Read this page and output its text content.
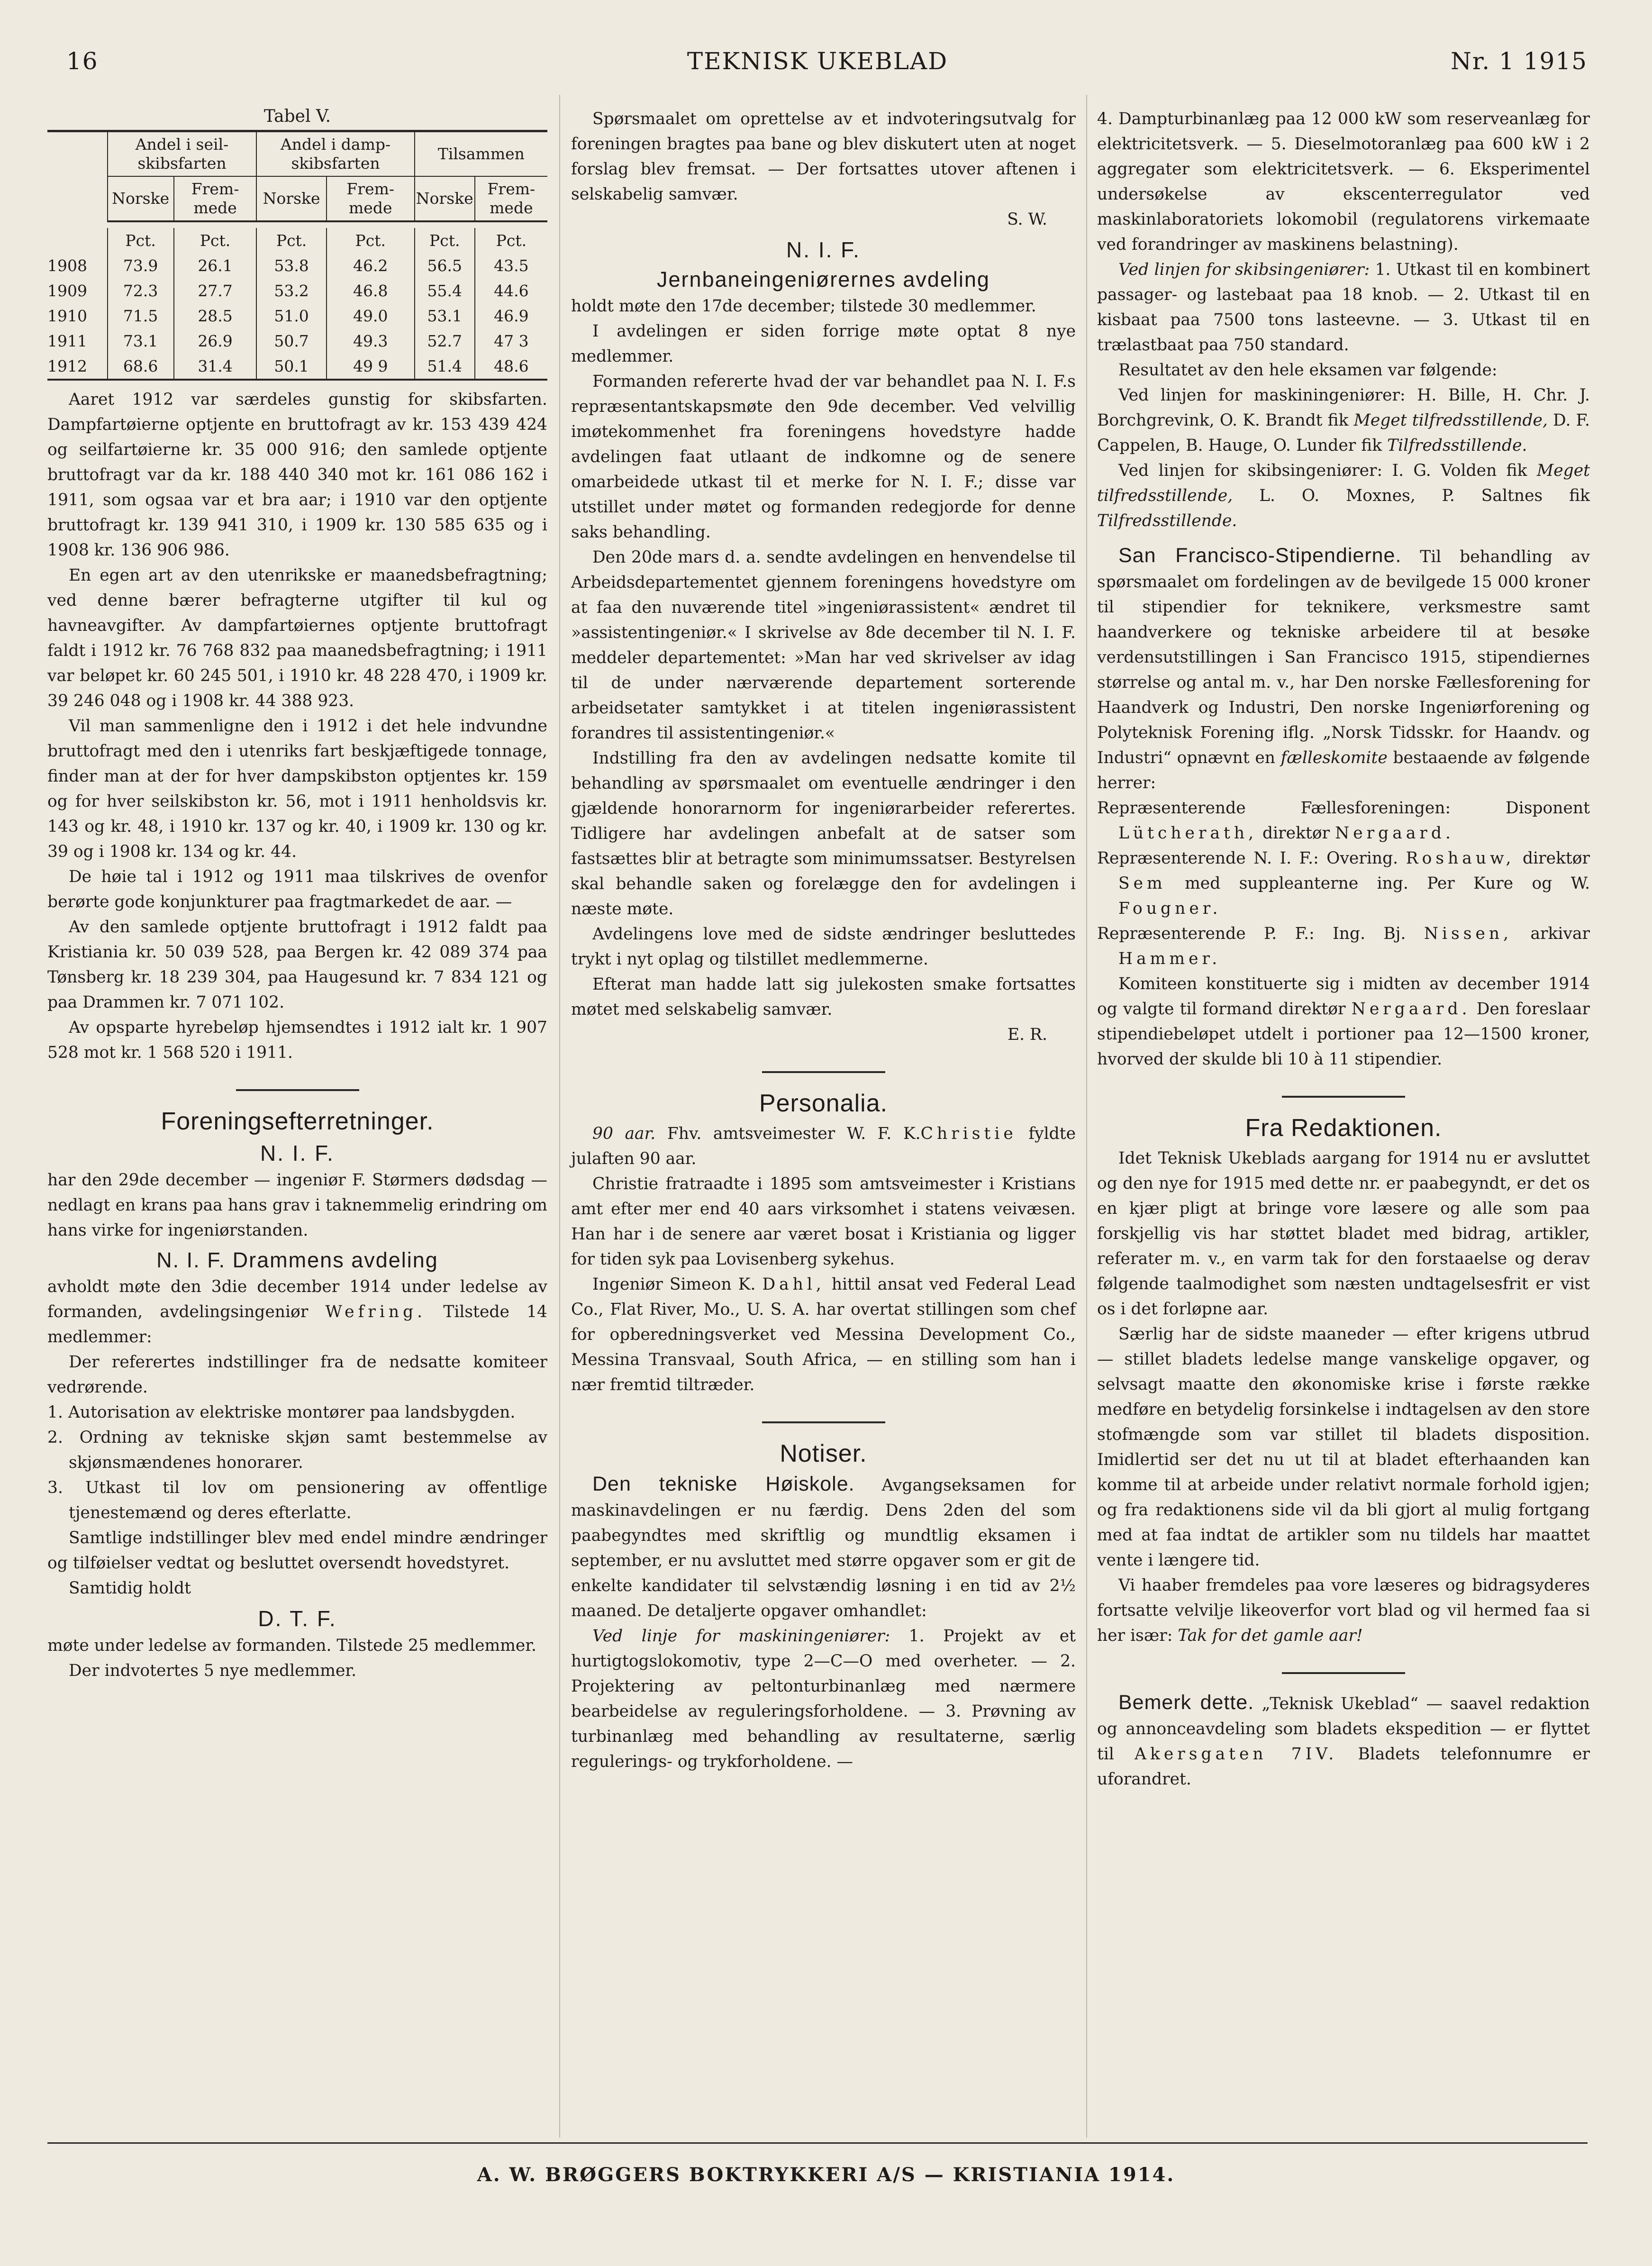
16	TEKNISK UKEBLAD	Nr. 1 1915
Tabel V.
	Andel i seil-skibsfarten		Andel i damp-skibsfarten		Tilsammen	
	Norske	Frem-mede	Norske	Frem-mede	Norske	Frem-mede

	Pct.	Pct.	Pct.	Pct.	Pct.	Pct.
1908	73.9	26.1	53.8	46.2	56.5	43.5
1909	72.3	27.7	53.2	46.8	55.4	44.6
1910	71.5	28.5	51.0	49.0	53.1	46.9
1911	73.1	26.9	50.7	49.3	52.7	47 3
1912	68.6	31.4	50.1	49 9	51.4	48.6

Aaret 1912 var særdeles gunstig for skibsfarten. Dampfartøierne optjente en bruttofragt av kr. 153 439 424 og seilfartøierne kr. 35 000 916; den samlede optjente bruttofragt var da kr. 188 440 340 mot kr. 161 086 162 i 1911, som ogsaa var et bra aar; i 1910 var den optjente bruttofragt kr. 139 941 310, i 1909 kr. 130 585 635 og i 1908 kr. 136 906 986.

En egen art av den utenrikske er maanedsbefragtning; ved denne bærer befragterne utgifter til kul og havneavgifter. Av dampfartøiernes optjente bruttofragt faldt i 1912 kr. 76 768 832 paa maanedsbefragtning; i 1911 var beløpet kr. 60 245 501, i 1910 kr. 48 228 470, i 1909 kr. 39 246 048 og i 1908 kr. 44 388 923.

Vil man sammenligne den i 1912 i det hele indvundne bruttofragt med den i utenriks fart beskjæftigede tonnage, finder man at der for hver dampskibston optjentes kr. 159 og for hver seilskibston kr. 56, mot i 1911 henholdsvis kr. 143 og kr. 48, i 1910 kr. 137 og kr. 40, i 1909 kr. 130 og kr. 39 og i 1908 kr. 134 og kr. 44.

De høie tal i 1912 og 1911 maa tilskrives de ovenfor berørte gode konjunkturer paa fragtmarkedet de aar. —

Av den samlede optjente bruttofragt i 1912 faldt paa Kristiania kr. 50 039 528, paa Bergen kr. 42 089 374 paa Tønsberg kr. 18 239 304, paa Haugesund kr. 7 834 121 og paa Drammen kr. 7 071 102.

Av opsparte hyrebeløp hjemsendtes i 1912 ialt kr. 1 907 528 mot kr. 1 568 520 i 1911.

Foreningsefterretninger.
N. I. F.

har den 29de december — ingeniør F. Størmers dødsdag — nedlagt en krans paa hans grav i taknemmelig erindring om hans virke for ingeniørstanden.

N. I. F. Drammens avdeling

avholdt møte den 3die december 1914 under ledelse av formanden, avdelingsingeniør Wefring. Tilstede 14 medlemmer:

Der referertes indstillinger fra de nedsatte komiteer vedrørende.

1. Autorisation av elektriske montører paa landsbygden.

2. Ordning av tekniske skjøn samt bestemmelse av skjønsmændenes honorarer.

3. Utkast til lov om pensionering av offentlige tjenestemænd og deres efterlatte.

Samtlige indstillinger blev med endel mindre ændringer og tilføielser vedtat og besluttet oversendt hovedstyret.

Samtidig holdt

D. T. F.

møte under ledelse av formanden. Tilstede 25 medlemmer.

Der indvotertes 5 nye medlemmer.

Spørsmaalet om oprettelse av et indvoteringsutvalg for foreningen bragtes paa bane og blev diskutert uten at noget forslag blev fremsat. — Der fortsattes utover aftenen i selskabelig samvær.

S. W.

N. I. F.
Jernbaneingeniørernes avdeling

holdt møte den 17de december; tilstede 30 medlemmer.

I avdelingen er siden forrige møte optat 8 nye medlemmer.

Formanden refererte hvad der var behandlet paa N. I. F.s repræsentantskapsmøte den 9de december. Ved velvillig imøtekommenhet fra foreningens hovedstyre hadde avdelingen faat utlaant de indkomne og de senere omarbeidede utkast til et merke for N. I. F.; disse var utstillet under møtet og formanden redegjorde for denne saks behandling.

Den 20de mars d. a. sendte avdelingen en henvendelse til Arbeidsdepartementet gjennem foreningens hovedstyre om at faa den nuværende titel »ingeniørassistent« ændret til »assistentingeniør.« I skrivelse av 8de december til N. I. F. meddeler departementet: »Man har ved skrivelser av idag til de under nærværende departement sorterende arbeidsetater samtykket i at titelen ingeniørassistent forandres til assistentingeniør.«

Indstilling fra den av avdelingen nedsatte komite til behandling av spørsmaalet om eventuelle ændringer i den gjældende honorarnorm for ingeniørarbeider referertes. Tidligere har avdelingen anbefalt at de satser som fastsættes blir at betragte som minimumssatser. Bestyrelsen skal behandle saken og forelægge den for avdelingen i næste møte.

Avdelingens love med de sidste ændringer besluttedes trykt i nyt oplag og tilstillet medlemmerne.

Efterat man hadde latt sig julekosten smake fortsattes møtet med selskabelig samvær.

E. R.

Personalia.

90 aar. Fhv. amtsveimester W. F. K.Christie fyldte julaften 90 aar.

Christie fratraadte i 1895 som amtsveimester i Kristians amt efter mer end 40 aars virksomhet i statens veivæsen. Han har i de senere aar været bosat i Kristiania og ligger for tiden syk paa Lovisenberg sykehus.

Ingeniør Simeon K. Dahl, hittil ansat ved Federal Lead Co., Flat River, Mo., U. S. A. har overtat stillingen som chef for opberedningsverket ved Messina Development Co., Messina Transvaal, South Africa, — en stilling som han i nær fremtid tiltræder.

Notiser.

Den tekniske Høiskole. Avgangseksamen for maskinavdelingen er nu færdig. Dens 2den del som paabegyndtes med skriftlig og mundtlig eksamen i september, er nu avsluttet med større opgaver som er git de enkelte kandidater til selvstændig løsning i en tid av 2½ maaned. De detaljerte opgaver omhandlet:

Ved linje for maskiningeniører: 1. Projekt av et hurtigtogslokomotiv, type 2—C—O med overheter. — 2. Projektering av peltonturbinanlæg med nærmere bearbeidelse av reguleringsforholdene. — 3. Prøvning av turbinanlæg med behandling av resultaterne, særlig regulerings- og trykforholdene. —

4. Dampturbinanlæg paa 12 000 kW som reserveanlæg for elektricitetsverk. — 5. Dieselmotoranlæg paa 600 kW i 2 aggregater som elektricitetsverk. — 6. Eksperimentel undersøkelse av ekscenterregulator ved maskinlaboratoriets lokomobil (regulatorens virkemaate ved forandringer av maskinens belastning).

Ved linjen for skibsingeniører: 1. Utkast til en kombinert passager- og lastebaat paa 18 knob. — 2. Utkast til en kisbaat paa 7500 tons lasteevne. — 3. Utkast til en trælastbaat paa 750 standard.

Resultatet av den hele eksamen var følgende:

Ved linjen for maskiningeniører: H. Bille, H. Chr. J. Borchgrevink, O. K. Brandt fik Meget tilfredsstillende, D. F. Cappelen, B. Hauge, O. Lunder fik Tilfredsstillende.

Ved linjen for skibsingeniører: I. G. Volden fik Meget tilfredsstillende, L. O. Moxnes, P. Saltnes fik Tilfredsstillende.

San Francisco-Stipendierne. Til behandling av spørsmaalet om fordelingen av de bevilgede 15 000 kroner til stipendier for teknikere, verksmestre samt haandverkere og tekniske arbeidere til at besøke verdensutstillingen i San Francisco 1915, stipendiernes størrelse og antal m. v., har Den norske Fællesforening for Haandverk og Industri, Den norske Ingeniørforening og Polyteknisk Forening iflg. „Norsk Tidsskr. for Haandv. og Industri“ opnævnt en fælleskomite bestaaende av følgende herrer:

Repræsenterende Fællesforeningen: Disponent Lütcherath, direktør Nergaard.

Repræsenterende N. I. F.: Overing. Roshauw, direktør Sem med suppleanterne ing. Per Kure og W. Fougner.

Repræsenterende P. F.: Ing. Bj. Nissen, arkivar Hammer.

Komiteen konstituerte sig i midten av december 1914 og valgte til formand direktør Nergaard. Den foreslaar stipendiebeløpet utdelt i portioner paa 12—1500 kroner, hvorved der skulde bli 10 à 11 stipendier.

Fra Redaktionen.

Idet Teknisk Ukeblads aargang for 1914 nu er avsluttet og den nye for 1915 med dette nr. er paabegyndt, er det os en kjær pligt at bringe vore læsere og alle som paa forskjellig vis har støttet bladet med bidrag, artikler, referater m. v., en varm tak for den forstaaelse og derav følgende taalmodighet som næsten undtagelsesfrit er vist os i det forløpne aar.

Særlig har de sidste maaneder — efter krigens utbrud — stillet bladets ledelse mange vanskelige opgaver, og selvsagt maatte den økonomiske krise i første række medføre en betydelig forsinkelse i indtagelsen av den store stofmængde som var stillet til bladets disposition. Imidlertid ser det nu ut til at bladet efterhaanden kan komme til at arbeide under relativt normale forhold igjen; og fra redaktionens side vil da bli gjort al mulig fortgang med at faa indtat de artikler som nu tildels har maattet vente i længere tid.

Vi haaber fremdeles paa vore læseres og bidragsyderes fortsatte velvilje likeoverfor vort blad og vil hermed faa si her især: Tak for det gamle aar!

Bemerk dette. „Teknisk Ukeblad“ — saavel redaktion og annonceavdeling som bladets ekspedition — er flyttet til Akersgaten 7IV. Bladets telefonnumre er uforandret.

A. W. BRØGGERS BOKTRYKKERI A/S — KRISTIANIA 1914.
